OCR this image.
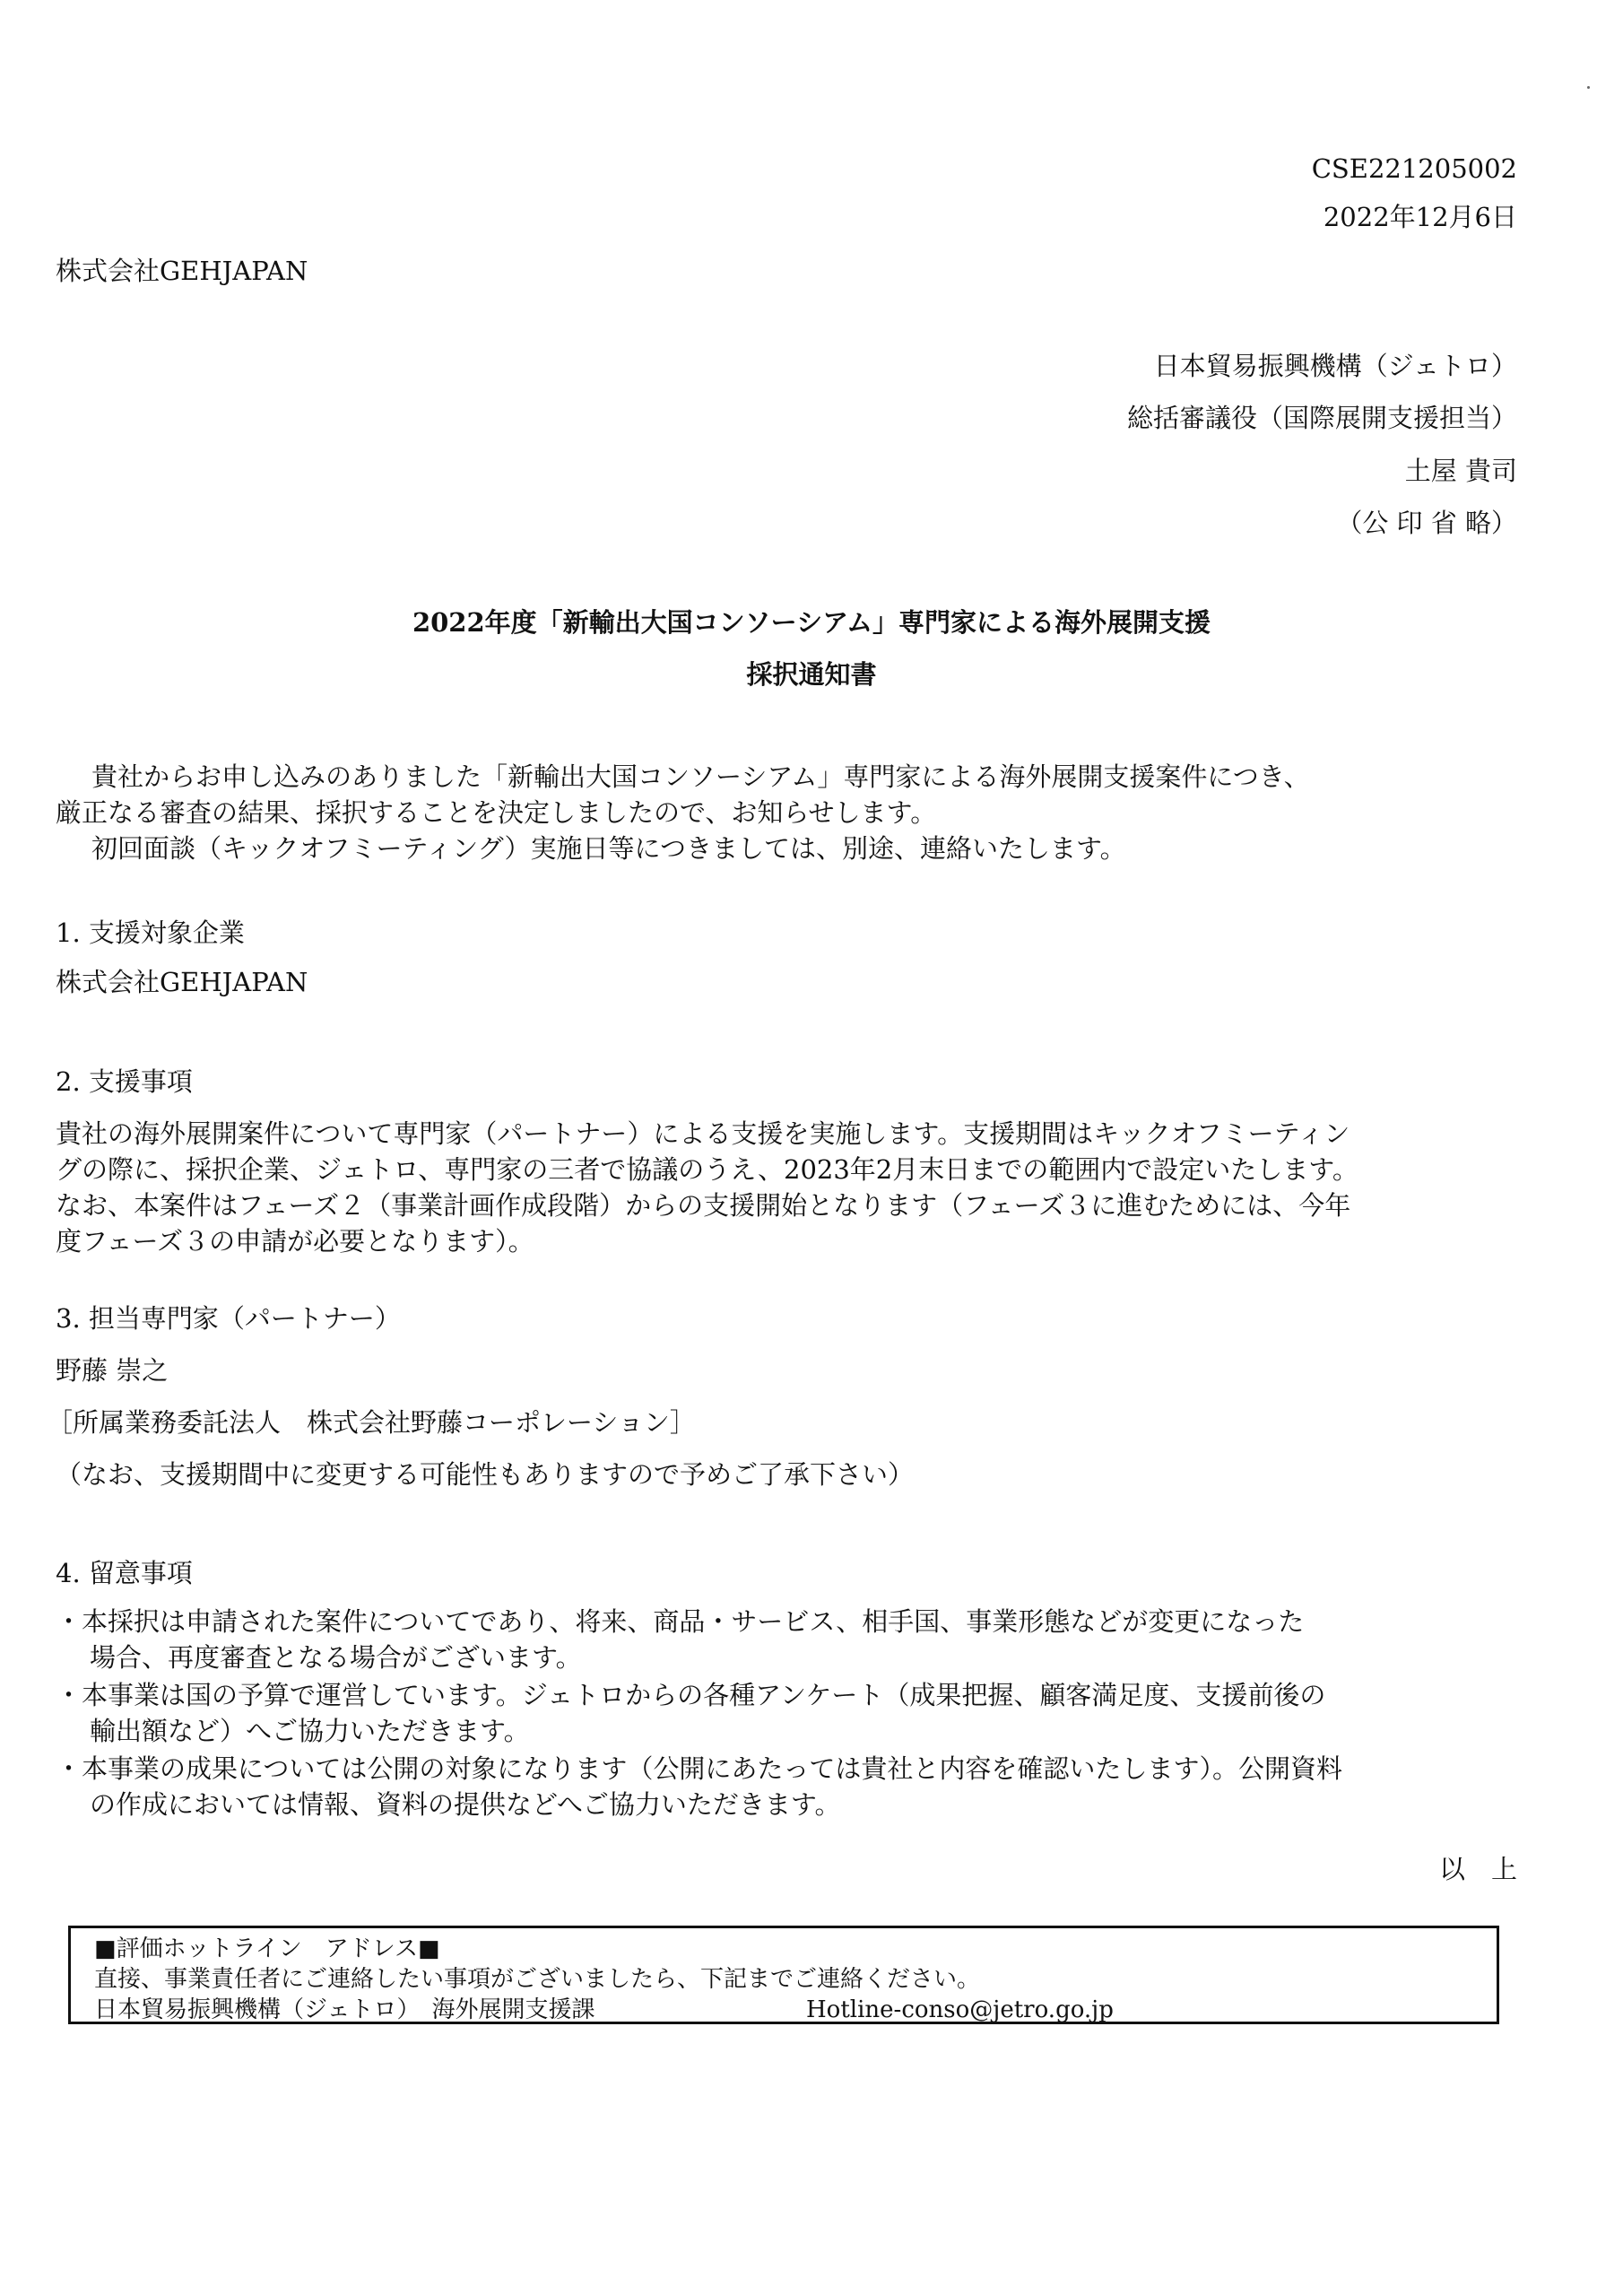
CSE221205002
2022年12月6日
株式会社GEHJAPAN
日本貿易振興機構（ジェトロ）
総括審議役（国際展開支援担当）
土屋 貴司
（公 印 省 略）
2022年度「新輸出大国コンソーシアム」専門家による海外展開支援
採択通知書
貴社からお申し込みのありました「新輸出大国コンソーシアム」専門家による海外展開支援案件につき、
厳正なる審査の結果、採択することを決定しましたので、お知らせします。
初回面談（キックオフミーティング）実施日等につきましては、別途、連絡いたします。
1. 支援対象企業
株式会社GEHJAPAN
2. 支援事項
貴社の海外展開案件について専門家（パートナー）による支援を実施します。支援期間はキックオフミーティン
グの際に、採択企業、ジェトロ、専門家の三者で協議のうえ、2023年2月末日までの範囲内で設定いたします。
なお、本案件はフェーズ２（事業計画作成段階）からの支援開始となります（フェーズ３に進むためには、今年
度フェーズ３の申請が必要となります）。
3. 担当専門家（パートナー）
野藤 崇之
［所属業務委託法人　株式会社野藤コーポレーション］
（なお、支援期間中に変更する可能性もありますので予めご了承下さい）
4. 留意事項
・本採択は申請された案件についてであり、将来、商品・サービス、相手国、事業形態などが変更になった
場合、再度審査となる場合がございます。
・本事業は国の予算で運営しています。ジェトロからの各種アンケート（成果把握、顧客満足度、支援前後の
輸出額など）へご協力いただきます。
・本事業の成果については公開の対象になります（公開にあたっては貴社と内容を確認いたします）。公開資料
の作成においては情報、資料の提供などへご協力いただきます。
以　上
■評価ホットライン　アドレス■
直接、事業責任者にご連絡したい事項がございましたら、下記までご連絡ください。
日本貿易振興機構（ジェトロ）　海外展開支援課	Hotline-conso@jetro.go.jp
